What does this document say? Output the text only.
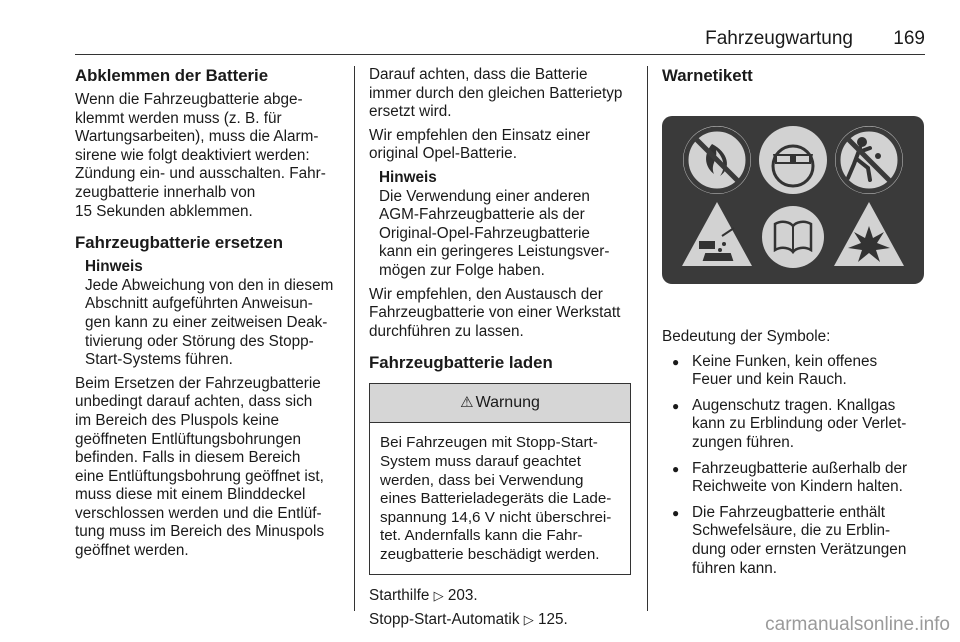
Fahrzeugwartung 169
Abklemmen der Batterie

Wenn die Fahrzeugbatterie abge-
klemmt werden muss (z. B. für
Wartungsarbeiten), muss die Alarm-
sirene wie folgt deaktiviert werden:
Zündung ein- und ausschalten. Fahr-
zeugbatterie innerhalb von
15 Sekunden abklemmen.

Fahrzeugbatterie ersetzen
Hinweis
Jede Abweichung von den in diesem
Abschnitt aufgeführten Anweisun-
gen kann zu einer zeitweisen Deak-
tivierung oder Störung des Stopp-
Start-Systems führen.

Beim Ersetzen der Fahrzeugbatterie
unbedingt darauf achten, dass sich
im Bereich des Pluspols keine
geöffneten Entlüftungsbohrungen
befinden. Falls in diesem Bereich
eine Entlüftungsbohrung geöffnet ist,
muss diese mit einem Blinddeckel
verschlossen werden und die Entlüf-
tung muss im Bereich des Minuspols
geöffnet werden.

Darauf achten, dass die Batterie
immer durch den gleichen Batterietyp
ersetzt wird.

Wir empfehlen den Einsatz einer
original Opel-Batterie.

Hinweis
Die Verwendung einer anderen
AGM-Fahrzeugbatterie als der
Original-Opel-Fahrzeugbatterie
kann ein geringeres Leistungsver-
mögen zur Folge haben.

Wir empfehlen, den Austausch der
Fahrzeugbatterie von einer Werkstatt
durchführen zu lassen.

Fahrzeugbatterie laden
⚠ Warnung
Bei Fahrzeugen mit Stopp-Start-
System muss darauf geachtet
werden, dass bei Verwendung
eines Batterieladegeräts die Lade-
spannung 14,6 V nicht überschrei-
tet. Andernfalls kann die Fahr-
zeugbatterie beschädigt werden.

Starthilfe ▷ 203.

Stopp-Start-Automatik ▷ 125.

Warnetikett

Bedeutung der Symbole:

● Keine Funken, kein offenes
Feuer und kein Rauch.
● Augenschutz tragen. Knallgas
kann zu Erblindung oder Verlet-
zungen führen.
● Fahrzeugbatterie außerhalb der
Reichweite von Kindern halten.
● Die Fahrzeugbatterie enthält
Schwefelsäure, die zu Erblin-
dung oder ernsten Verätzungen
führen kann.
carmanualsonline.info
